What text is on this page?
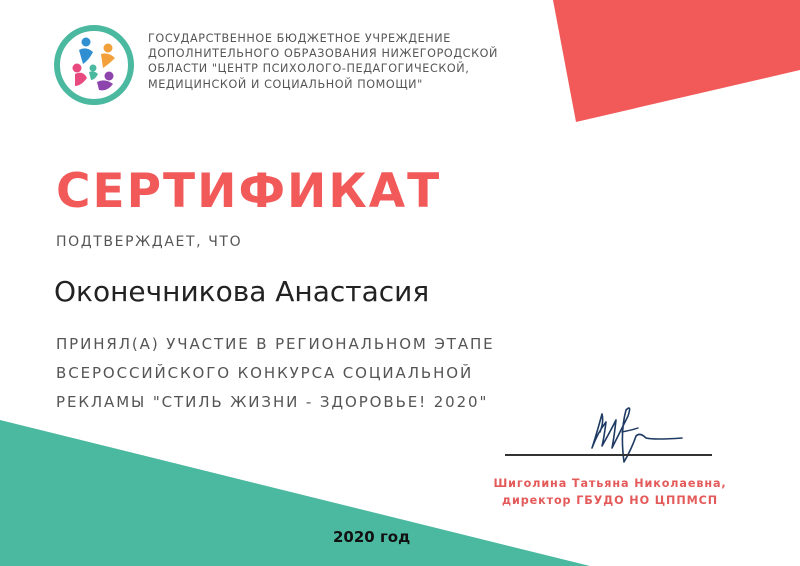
ГОСУДАРСТВЕННОЕ БЮДЖЕТНОЕ УЧРЕЖДЕНИЕ
ДОПОЛНИТЕЛЬНОГО ОБРАЗОВАНИЯ НИЖЕГОРОДСКОЙ
ОБЛАСТИ "ЦЕНТР ПСИХОЛОГО-ПЕДАГОГИЧЕСКОЙ,
МЕДИЦИНСКОЙ И СОЦИАЛЬНОЙ ПОМОЩИ"
СЕРТИФИКАТ
ПОДТВЕРЖДАЕТ, ЧТО
Оконечникова Анастасия
ПРИНЯЛ(А) УЧАСТИЕ В РЕГИОНАЛЬНОМ ЭТАПЕ
ВСЕРОССИЙСКОГО КОНКУРСА СОЦИАЛЬНОЙ
РЕКЛАМЫ "СТИЛЬ ЖИЗНИ - ЗДОРОВЬЕ! 2020"
Шиголина Татьяна Николаевна,
директор ГБУДО НО ЦППМСП
2020 год
